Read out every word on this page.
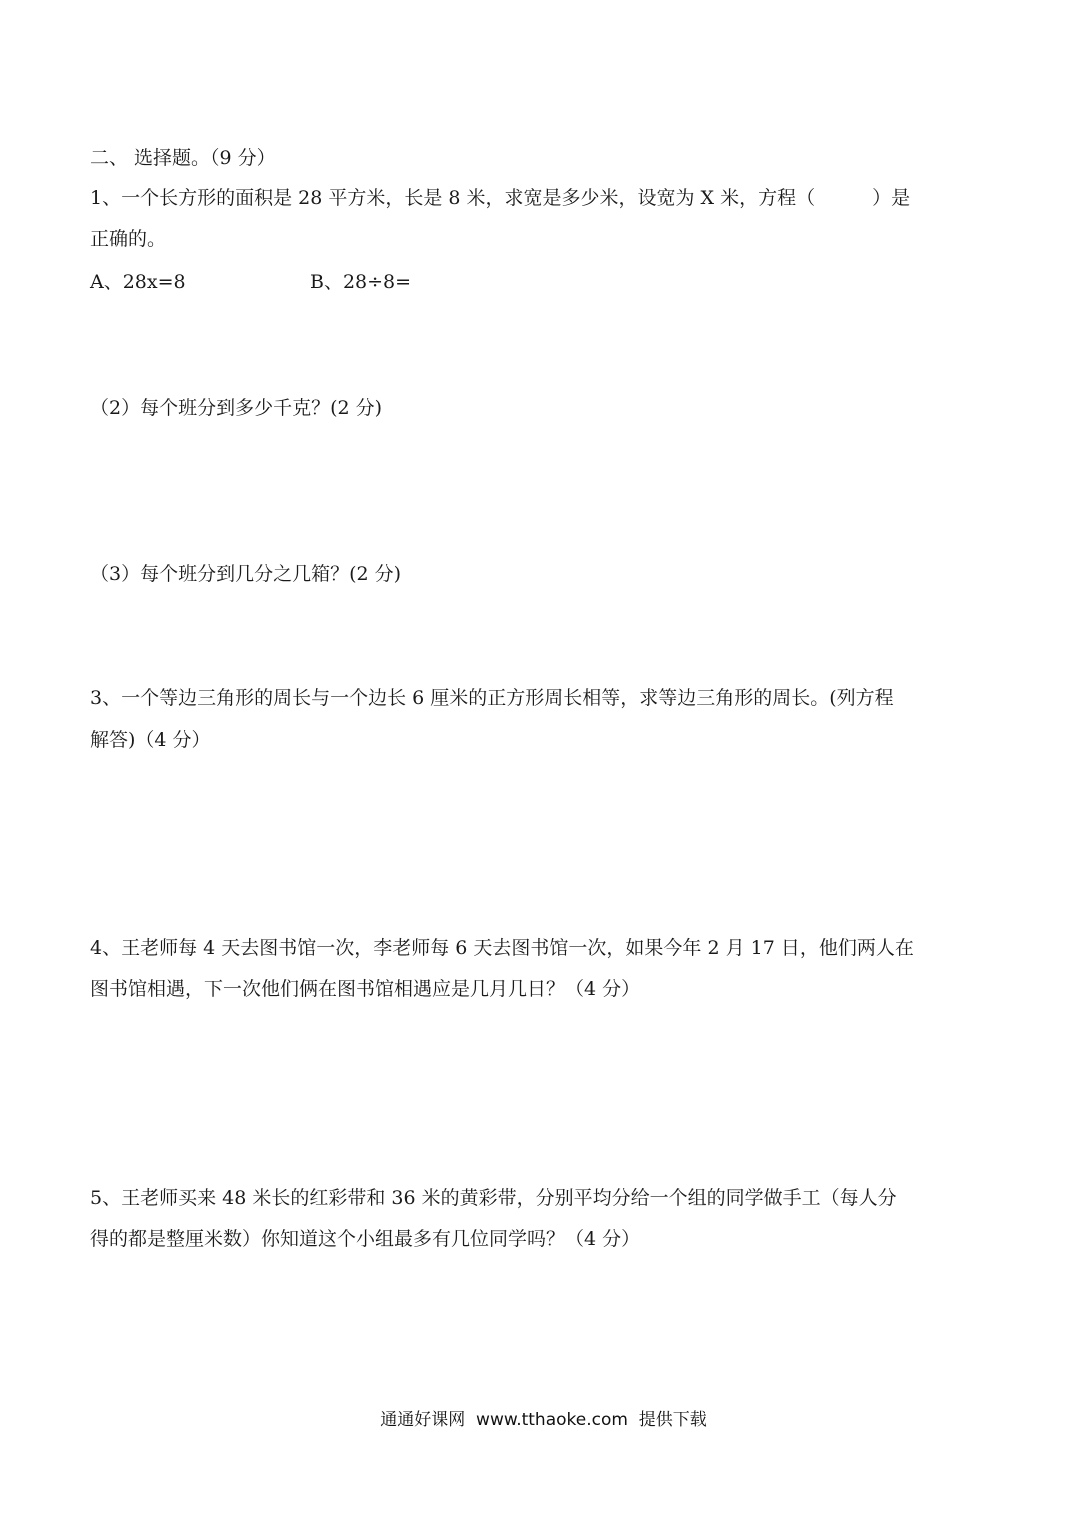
二、 选择题。（9 分）
1、一个长方形的面积是 28 平方米，长是 8 米，求宽是多少米，设宽为 X 米，方程（　　　）是
正确的。
A、28x=8	B、28÷8=
（2）每个班分到多少千克？(2 分)
（3）每个班分到几分之几箱？(2 分)
3、一个等边三角形的周长与一个边长 6 厘米的正方形周长相等，求等边三角形的周长。(列方程
解答)（4 分）
4、王老师每 4 天去图书馆一次，李老师每 6 天去图书馆一次，如果今年 2 月 17 日，他们两人在
图书馆相遇，下一次他们俩在图书馆相遇应是几月几日？（4 分）
5、王老师买来 48 米长的红彩带和 36 米的黄彩带，分别平均分给一个组的同学做手工（每人分
得的都是整厘米数）你知道这个小组最多有几位同学吗？（4 分）
通通好课网  www.tthaoke.com  提供下载
